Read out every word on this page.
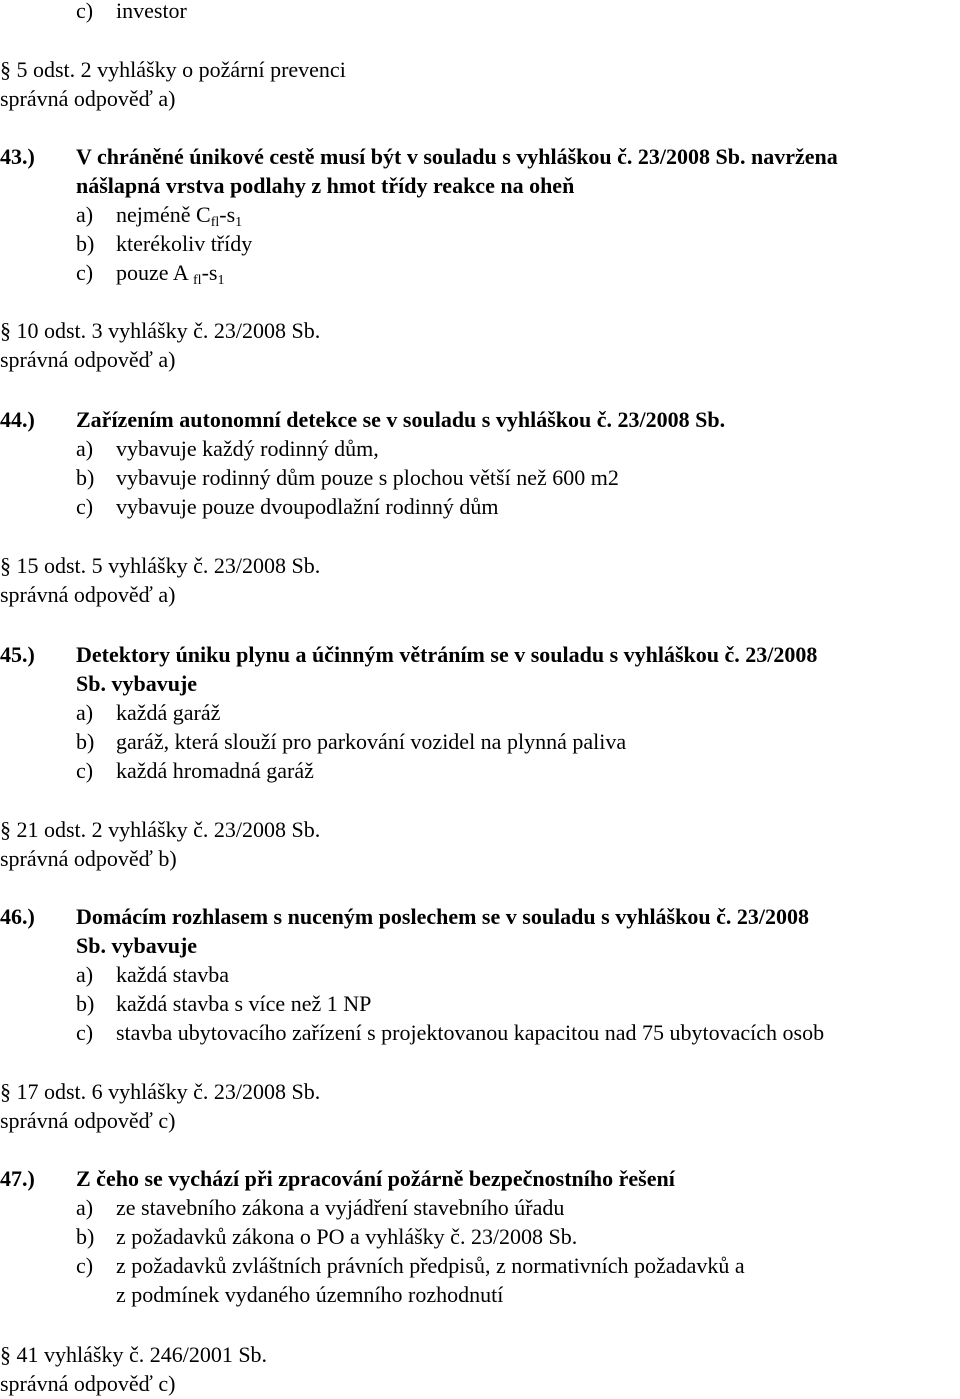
c) investor
§ 5 odst. 2 vyhlášky o požární prevenci
správná odpověď a)
43.) V chráněné únikové cestě musí být v souladu s vyhláškou č. 23/2008 Sb. navržena
nášlapná vrstva podlahy z hmot třídy reakce na oheň
a) nejméně $C_{fl}-s_1$
b) kterékoliv třídy
c) pouze A $_{fl}-s_1$
§ 10 odst. 3 vyhlášky č. 23/2008 Sb.
správná odpověď a)
44.) Zařízením autonomní detekce se v souladu s vyhláškou č. 23/2008 Sb.
a) vybavuje každý rodinný dům,
b) vybavuje rodinný dům pouze s plochou větší než 600 m2
c) vybavuje pouze dvoupodlažní rodinný dům
§ 15 odst. 5 vyhlášky č. 23/2008 Sb.
správná odpověď a)
45.) Detektory úniku plynu a účinným větráním se v souladu s vyhláškou č. 23/2008
Sb. vybavuje
a) každá garáž
b) garáž, která slouží pro parkování vozidel na plynná paliva
c) každá hromadná garáž
§ 21 odst. 2 vyhlášky č. 23/2008 Sb.
správná odpověď b)
46.) Domácím rozhlasem s nuceným poslechem se v souladu s vyhláškou č. 23/2008
Sb. vybavuje
a) každá stavba
b) každá stavba s více než 1 NP
c) stavba ubytovacího zařízení s projektovanou kapacitou nad 75 ubytovacích osob
§ 17 odst. 6 vyhlášky č. 23/2008 Sb.
správná odpověď c)
47.) Z čeho se vychází při zpracování požárně bezpečnostního řešení
a) ze stavebního zákona a vyjádření stavebního úřadu
b) z požadavků zákona o PO a vyhlášky č. 23/2008 Sb.
c) z požadavků zvláštních právních předpisů, z normativních požadavků a
z podmínek vydaného územního rozhodnutí
§ 41 vyhlášky č. 246/2001 Sb.
správná odpověď c)
